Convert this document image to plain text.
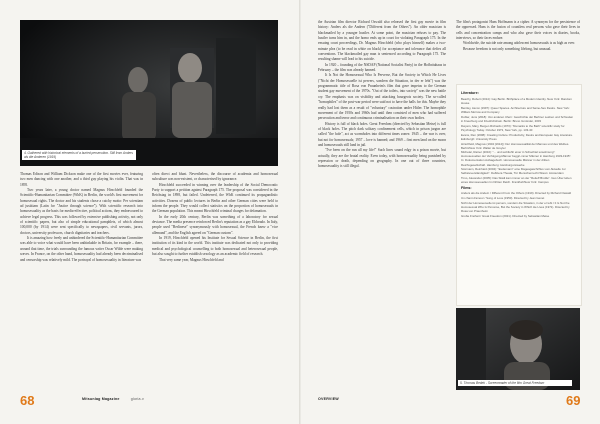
4. Gathered with historical elements of a buried persecution. Still from Anders als die Anderen (1919)

Thomas Edison and William Dickson make one of the first movies ever, featuring two men dancing with one another, and a third guy playing his violin. That was in 1895.

Two years later, a young doctor named Magnus Hirschfeld founded the Scientific-Humanitarian Committee (WhK) in Berlin, the world's first movement for homosexual rights. The doctor and his students chose a catchy motto: Per scientiam ad justitiam (Latin for "Justice through science"). With scientific research into homosexuality as the basis for media-effective, political actions, they endeavoured to achieve legal progress. This was followed by extensive publishing activity, not only of scientific papers, but also of simple educational pamphlets, of which almost 100,000 (by 1914) were sent specifically to newspapers, civil servants, jurors, doctors, university professors, church dignitaries and teachers.

It is amazing how freely and unhindered the Scientific-Humanitarian Committee was able to voice what would have been unthinkable in Britain, for example – there, around that time, the trials surrounding the famous writer Oscar Wilde were making waves. In France, on the other hand, homosexuality had already been decriminalised and censorship was relatively mild. The portrayal of homosexuality in literature was

often direct and blunt. Nevertheless, the discourse of academia and homosexual subculture was non-existent, or characterised by ignorance.

Hirschfeld succeeded in winning over the leadership of the Social Democratic Party to support a petition against Paragraph 175. The proposal was considered in the Reichstag in 1898, but failed. Undeterred, the WhK continued its propagandistic activities. Dozens of public lectures in Berlin and other German cities were held to inform the people. They would collect statistics on the proportion of homosexuals in the German population. This meant Hirschfeld criminal charges for defamation.

In the early 20th century, Berlin was something of a laboratory for sexual deviance. The media presence reinforced Berlin's reputation as a gay Eldorado. In Italy, people used "Berlinese" synonymously with homosexual, the French knew a "vice allemand", and the English agreed on "German custom".

In 1919, Hirschfeld opened his Institute for Sexual Science in Berlin, the first institution of its kind in the world. This institute was dedicated not only to providing medical and psychological counselling to both homosexual and heterosexual people, but also sought to further establish sexology as an academic field of research.

That very same year, Magnus Hirschfeld and

68	Mitsunlag Magazine	gloria.v

the Austrian film director Richard Oswald also released the first gay movie in film history: Anders als die Andern ("Different from the Others"). An older musician is blackmailed by a younger hustler. At some point, the musician refuses to pay. The hustler turns him in, and the homo ends up in court for violating Paragraph 175. In the ensuing court proceedings, Dr. Magnus Hirschfeld (who plays himself) makes a two-minute plea (to be read in white on black) for acceptance and tolerance that defies all conventions. The blackmailed gay man is sentenced according to Paragraph 175. The resulting shame will lead to his suicide.

In 1920 – founding of the NSDAP (National Socialist Party) in the Hofbräuhaus in February – the film was already banned.

It Is Not the Homosexual Who Is Perverse, But the Society in Which He Lives ("Nicht der Homosexuelle ist pervers, sondern die Situation, in der er lebt") was the programmatic title of Rosa von Praunheim's film that gave impetus to the German student gay movement of the 1970s. "Out of the toilets, into society" was the new battle cry. The emphasis was on visibility and attacking bourgeois society. The so-called "homophiles" of the post-war period were said not to have the balls for this. Maybe they really had lost them as a result of "voluntary" castration under Hitler. The homophile movement of the 1950s and 1960s had until then consisted of men who had suffered persecution and terror and continuous criminalisation on their own bodies.

History is full of black holes. Great Freedom (directed by Sebastian Meise) is full of black holes. The pitch dark solitary confinement cells, which in prison jargon are called "the hole", act as wormholes into different times zones: 1945 – the war is over, but not for homosexuals; 1957 – love is banned; and 1969 – first men land on the moon and homosexuals still land in jail.

"I've been on the run all my life!" Such lines sound edgy in a prison movie, but actually, they are the brutal reality. Even today, with homosexuality being punished by repression or death, depending on geography. In one out of three countries, homosexuality is still illegal.

The film's protagonist Hans Hoffmann is a cipher. A synonym for the persistence of the oppressed. Hans is the fusion of countless real persons who gave their lives in cells and concentration camps and who also gave their voices in diaries, books, interviews, so their faces endure.

Worldwide, the suicide rate among adolescent homosexuals is as high as ever.

Because freedom is not only something lifelong, but unusual.

Literature:
Beachy, Robert (2014): Gay Berlin. Birthplace of a Modern Identity. New York: Random House
Bentley, Ascon (1997): Queer Spaces. Architecture and Same-Sex Desire. New York: William Morrow and Company
Dobler, Jens (2018): Von anderen Ufern: Geschichte der Berliner Lesben und Schwulen in Kreuzberg und Friedrichshain. Berlin: Bruno Gmünder, 2003
Dwyers, Mary, Bergen Richards (1973): "Remarks to the Bath" scientific study for Psychology Today. October 1973, New York, pp. 133-40
Evans, Ren (2008): Creating Culture: Productivity, Desire and European Gay Literature. Edinburgh: University Press
Hirschfeld, Magnus (1904 [1914]): Der Homosexualität der Mannes und des Weibes. Berlin/New York: Walter de Gruyter
Michelar, Rainer (2010): "... und wohltuhh einer in Schachtel sowohnung": Homosexuellen der Verfolgung-Männer beggri-mmer Männer in Hamburg 1933-1945". In: Dokumentation Aufsagebuch. Homosexuelle Männer in der dritten Reichsgesellschaft. Hamburg: Hamburgunswerke
Stormann, Reinhard (2004): "Eudemann" eine Klageagaschriftus vom Aktuelle zur Selbsteverständigkeit". Deßbera Theata, Tür Menschenrecht Wiesn: Amsterdam
Timo, Alexander (2005): Das Städt kam immer an der "Reiteff Bruttle". Gus Über leben eines Homosexuellen Im Dritten Reich. Frankfurt/New York: Campus
Films:
Anders als die Andern / Different From the Others (1919). Directed by Richard Oswald
Un chant d'amour / Song of Love (1950). Directed by Jean Genet
Nicht der Homosexuelle ist pervers, sondern die Situation, in der er lebt / It Is Not the Homosexual Who Is Perverse, But the Society in Which He Lives (1971). Directed by Rosa von Praunheim
Große Freiheit / Great Freedom (2021). Directed by Sebastian Meise
5. Thomas Bedek - Screenreader of the film Great Freedom
OVERVIEW	69
